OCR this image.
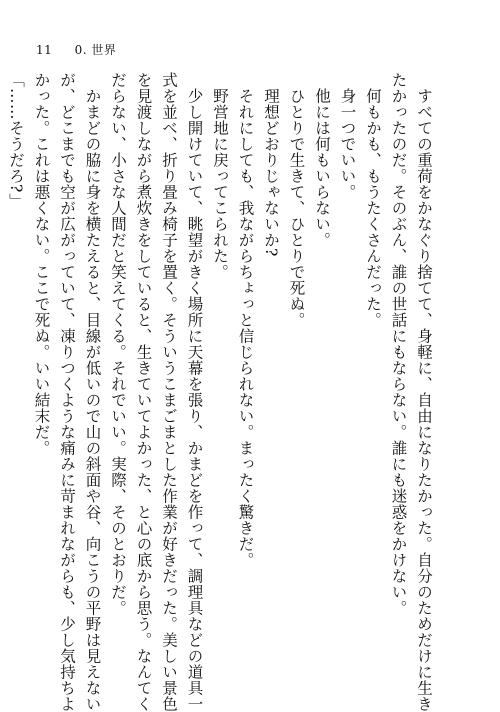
11 0. 世界
すべての重荷をかなぐり捨てて、身軽に、自由になりたかった。自分のためだけに生き
たかったのだ。そのぶん、誰の世話にもならない。誰にも迷惑をかけない。
何もかも、もうたくさんだった。
身一つでいい。
他には何もいらない。
ひとりで生きて、ひとりで死ぬ。
理想どおりじゃないか?
それにしても、我ながらちょっと信じられない。まったく驚きだ。
野営地に戻ってこられた。
少し開けていて、眺望がきく場所に天幕を張り、かまどを作って、調理具などの道具一
式を並べ、折り畳み椅子を置く。そういうこまごまとした作業が好きだった。美しい景色
を見渡しながら煮炊きをしていると、生きていてよかった、と心の底から思う。なんてく
だらない、小さな人間だと笑えてくる。それでいい。実際、そのとおりだ。
かまどの脇に身を横たえると、目線が低いので山の斜面や谷、向こうの平野は見えない
が、どこまでも空が広がっていて、凍りつくような痛みに苛まれながらも、少し気持ちよ
かった。これは悪くない。ここで死ぬ。いい結末だ。
「……そうだろ?」
